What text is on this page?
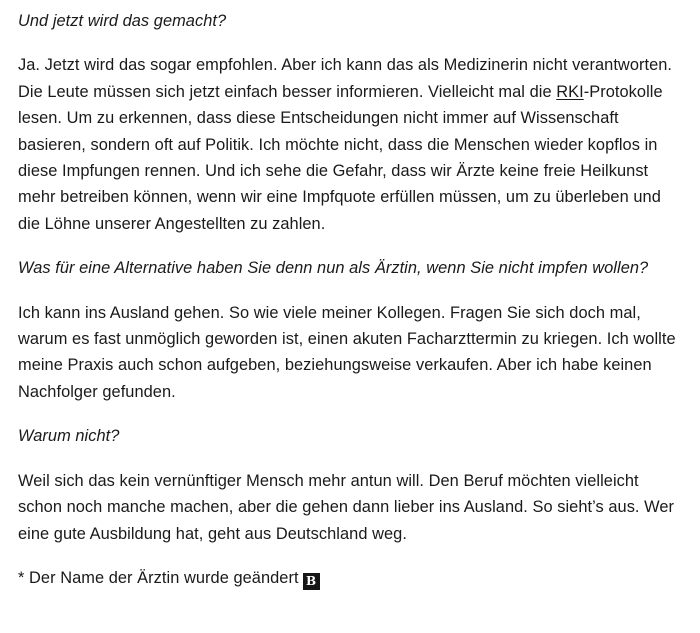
Und jetzt wird das gemacht?

Ja. Jetzt wird das sogar empfohlen. Aber ich kann das als Medizinerin nicht verantworten. Die Leute müssen sich jetzt einfach besser informieren. Vielleicht mal die RKI-Protokolle lesen. Um zu erkennen, dass diese Entscheidungen nicht immer auf Wissenschaft basieren, sondern oft auf Politik. Ich möchte nicht, dass die Menschen wieder kopflos in diese Impfungen rennen. Und ich sehe die Gefahr, dass wir Ärzte keine freie Heilkunst mehr betreiben können, wenn wir eine Impfquote erfüllen müssen, um zu überleben und die Löhne unserer Angestellten zu zahlen.

Was für eine Alternative haben Sie denn nun als Ärztin, wenn Sie nicht impfen wollen?

Ich kann ins Ausland gehen. So wie viele meiner Kollegen. Fragen Sie sich doch mal, warum es fast unmöglich geworden ist, einen akuten Facharzttermin zu kriegen. Ich wollte meine Praxis auch schon aufgeben, beziehungsweise verkaufen. Aber ich habe keinen Nachfolger gefunden.

Warum nicht?

Weil sich das kein vernünftiger Mensch mehr antun will. Den Beruf möchten vielleicht schon noch manche machen, aber die gehen dann lieber ins Ausland. So sieht’s aus. Wer eine gute Ausbildung hat, geht aus Deutschland weg.

* Der Name der Ärztin wurde geändert B
